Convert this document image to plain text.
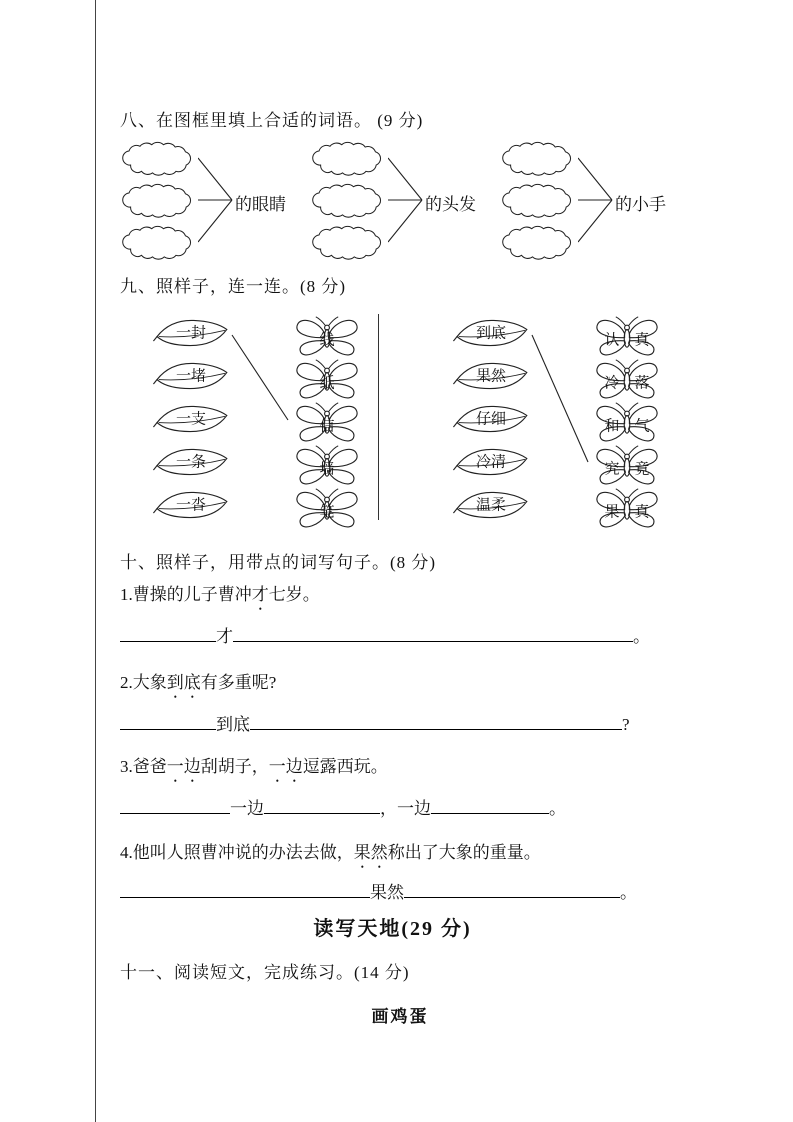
八、在图框里填上合适的词语。 (9 分)
的眼睛	的头发	的小手
九、照样子，连一连。(8 分)
一封
一堵
一支
一条
一沓
线
纸
信
墙
笔
到底
果然
仔细
冷清
温柔
认真
冷落
和气
究竟
果真
十、照样子，用带点的词写句子。(8 分)

1.曹操的儿子曹冲才七岁。

才	。

2.大象到底有多重呢?

到底	?

3.爸爸一边刮胡子，一边逗露西玩。

一边	，一边	。

4.他叫人照曹冲说的办法去做，果然称出了大象的重量。

果然	。
读写天地(29 分)
十一、阅读短文，完成练习。(14 分)
画鸡蛋
